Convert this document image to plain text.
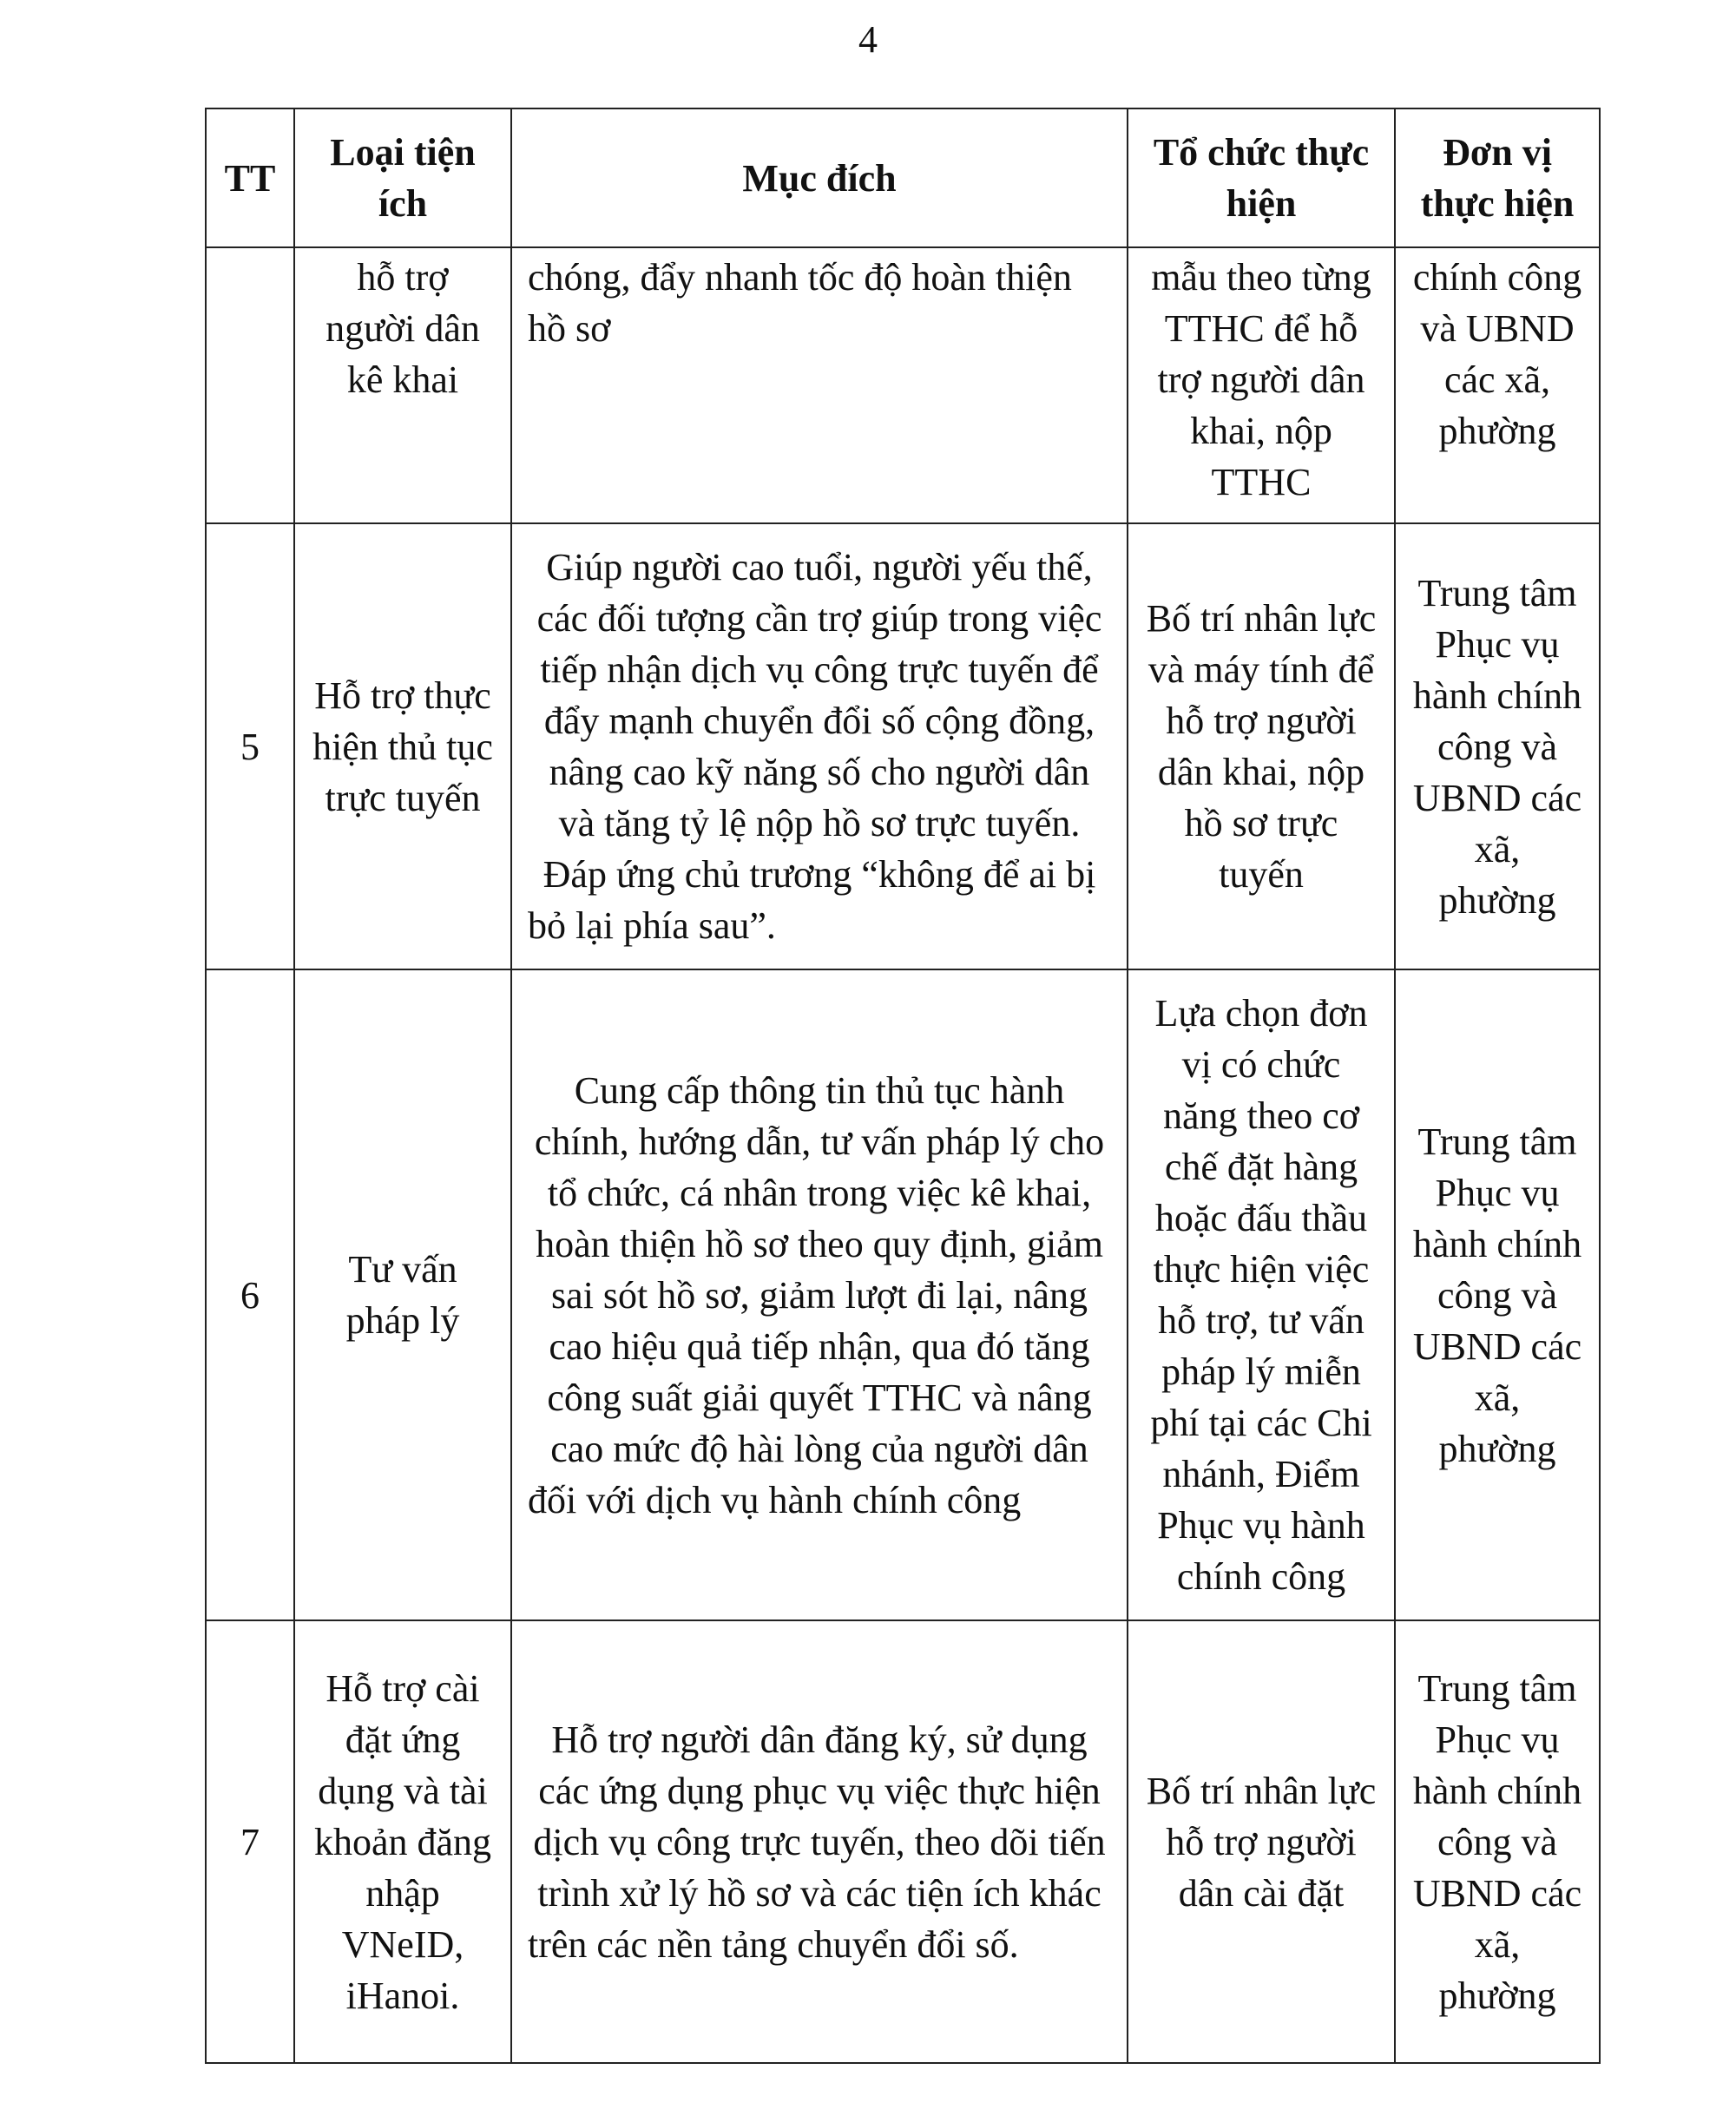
4
TT	Loại tiện ích	Mục đích	Tổ chức thực hiện	Đơn vị thực hiện
	hỗ trợ người dân kê khai	chóng, đẩy nhanh tốc độ hoàn thiện hồ sơ	mẫu theo từng TTHC để hỗ trợ người dân khai, nộp TTHC	chính công và UBND các xã, phường
5	Hỗ trợ thực hiện thủ tục trực tuyến	Giúp người cao tuổi, người yếu thế, các đối tượng cần trợ giúp trong việc tiếp nhận dịch vụ công trực tuyến để đẩy mạnh chuyển đổi số cộng đồng, nâng cao kỹ năng số cho người dân và tăng tỷ lệ nộp hồ sơ trực tuyến. Đáp ứng chủ trương “không để ai bị bỏ lại phía sau”.	Bố trí nhân lực và máy tính để hỗ trợ người dân khai, nộp hồ sơ trực tuyến	Trung tâm Phục vụ hành chính công và UBND các xã, phường
6	Tư vấn pháp lý	Cung cấp thông tin thủ tục hành chính, hướng dẫn, tư vấn pháp lý cho tổ chức, cá nhân trong việc kê khai, hoàn thiện hồ sơ theo quy định, giảm sai sót hồ sơ, giảm lượt đi lại, nâng cao hiệu quả tiếp nhận, qua đó tăng công suất giải quyết TTHC và nâng cao mức độ hài lòng của người dân đối với dịch vụ hành chính công	Lựa chọn đơn vị có chức năng theo cơ chế đặt hàng hoặc đấu thầu thực hiện việc hỗ trợ, tư vấn pháp lý miễn phí tại các Chi nhánh, Điểm Phục vụ hành chính công	Trung tâm Phục vụ hành chính công và UBND các xã, phường
7	Hỗ trợ cài đặt ứng dụng và tài khoản đăng nhập VNeID, iHanoi.	Hỗ trợ người dân đăng ký, sử dụng các ứng dụng phục vụ việc thực hiện dịch vụ công trực tuyến, theo dõi tiến trình xử lý hồ sơ và các tiện ích khác trên các nền tảng chuyển đổi số.	Bố trí nhân lực hỗ trợ người dân cài đặt	Trung tâm Phục vụ hành chính công và UBND các xã, phường
